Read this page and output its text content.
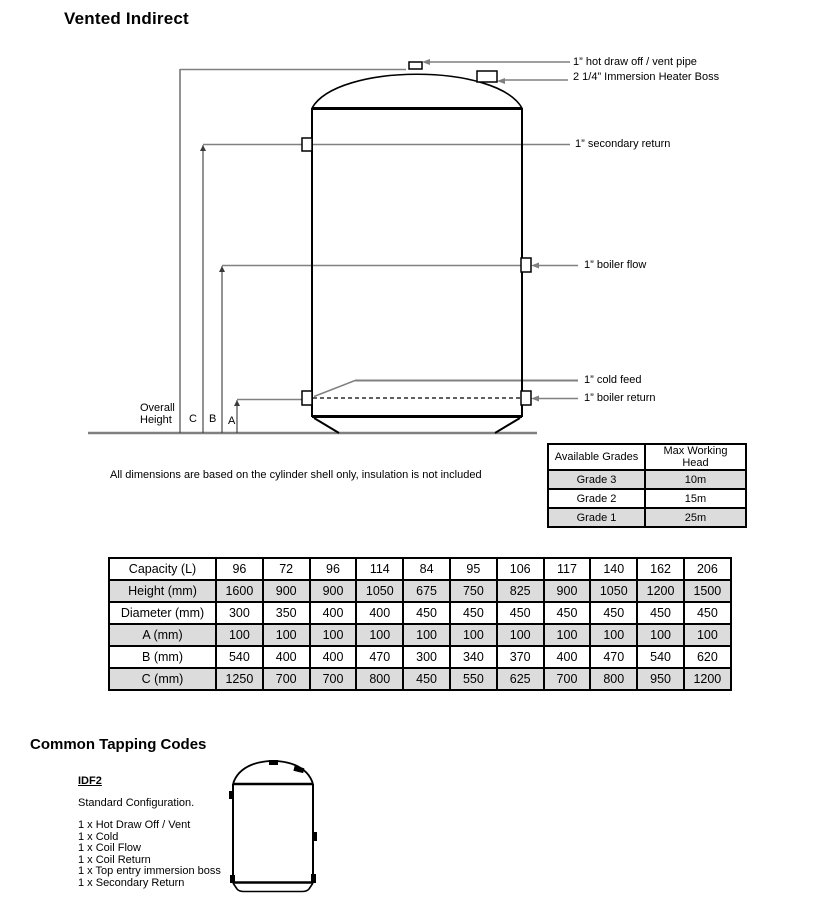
Vented Indirect
1” hot draw off / vent pipe
2 1/4” Immersion Heater Boss
1” secondary return
1” boiler flow
1” cold feed
1” boiler return
Overall
Height C B A
All dimensions are based on the cylinder shell only, insulation is not included
Available Grades	Max Working Head
Grade 3	10m
Grade 2	15m
Grade 1	25m
Capacity (L)	96	72	96	114	84	95	106	117	140	162	206
Height (mm)	1600	900	900	1050	675	750	825	900	1050	1200	1500
Diameter (mm)	300	350	400	400	450	450	450	450	450	450	450
A (mm)	100	100	100	100	100	100	100	100	100	100	100
B (mm)	540	400	400	470	300	340	370	400	470	540	620
C (mm)	1250	700	700	800	450	550	625	700	800	950	1200
Common Tapping Codes
IDF2
Standard Configuration.
1 x Hot Draw Off / Vent
1 x Cold
1 x Coil Flow
1 x Coil Return
1 x Top entry immersion boss
1 x Secondary Return
